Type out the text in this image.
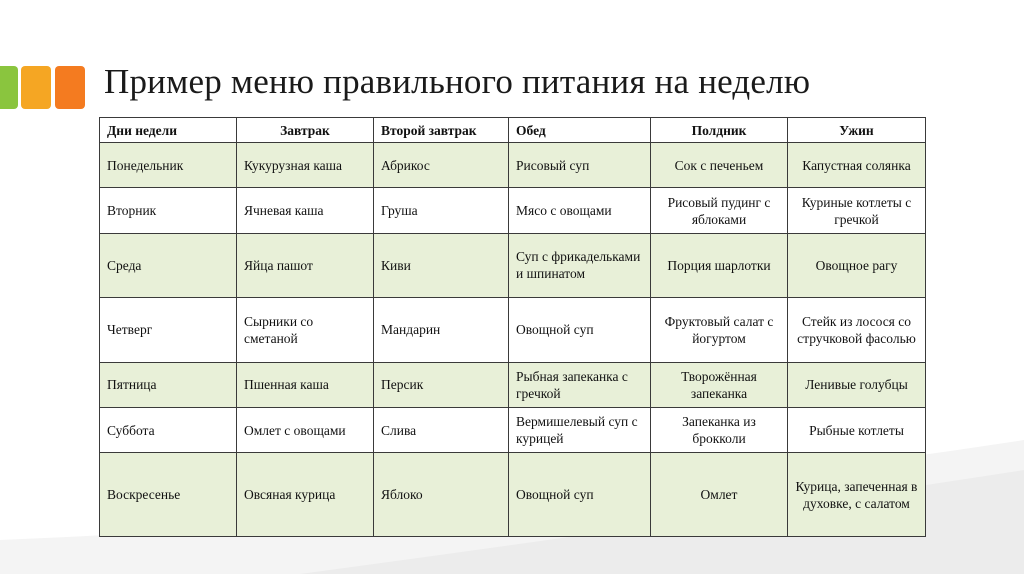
Пример меню правильного питания на неделю
Дни недели	Завтрак	Второй завтрак	Обед	Полдник	Ужин
Понедельник	Кукурузная каша	Абрикос	Рисовый суп	Сок с печеньем	Капустная солянка
Вторник	Ячневая каша	Груша	Мясо с овощами	Рисовый пудинг с яблоками	Куриные котлеты с гречкой
Среда	Яйца пашот	Киви	Суп с фрикадельками и шпинатом	Порция шарлотки	Овощное рагу
Четверг	Сырники со сметаной	Мандарин	Овощной суп	Фруктовый салат с йогуртом	Стейк из лосося со стручковой фасолью
Пятница	Пшенная каша	Персик	Рыбная запеканка с гречкой	Творожённая запеканка	Ленивые голубцы
Суббота	Омлет с овощами	Слива	Вермишелевый суп с курицей	Запеканка из брокколи	Рыбные котлеты
Воскресенье	Овсяная курица	Яблоко	Овощной суп	Омлет	Курица, запеченная в духовке, с салатом
